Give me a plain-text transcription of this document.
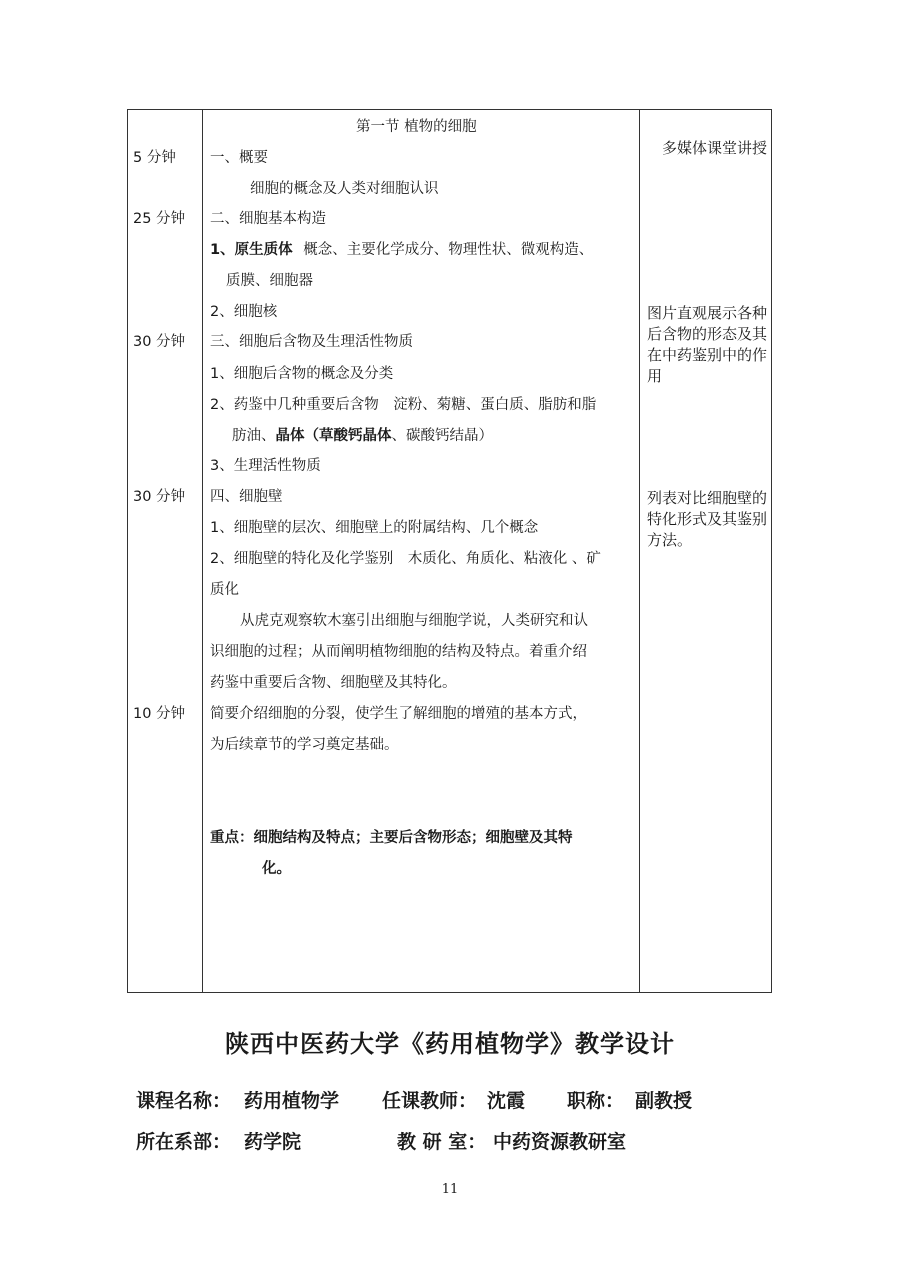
5 分钟
25 分钟
30 分钟
30 分钟
10 分钟
第一节 植物的细胞
一、概要
细胞的概念及人类对细胞认识
二、细胞基本构造
1、原生质体 概念、主要化学成分、物理性状、微观构造、
质膜、细胞器
2、细胞核
三、细胞后含物及生理活性物质
1、细胞后含物的概念及分类
2、药鉴中几种重要后含物　淀粉、菊糖、蛋白质、脂肪和脂
肪油、晶体（草酸钙晶体、碳酸钙结晶）
3、生理活性物质
四、细胞壁
1、细胞壁的层次、细胞壁上的附属结构、几个概念
2、细胞壁的特化及化学鉴别　木质化、角质化、粘液化 、矿
质化
从虎克观察软木塞引出细胞与细胞学说，人类研究和认
识细胞的过程；从而阐明植物细胞的结构及特点。着重介绍
药鉴中重要后含物、细胞壁及其特化。
简要介绍细胞的分裂，使学生了解细胞的增殖的基本方式，
为后续章节的学习奠定基础。
重点：细胞结构及特点；主要后含物形态；细胞壁及其特
化。
多媒体课堂讲授
图片直观展示各种后含物的形态及其在中药鉴别中的作用
列表对比细胞壁的特化形式及其鉴别方法。
陕西中医药大学《药用植物学》教学设计
课程名称： 药用植物学 任课教师： 沈霞 职称： 副教授
所在系部： 药学院	教 研 室： 中药资源教研室
11
